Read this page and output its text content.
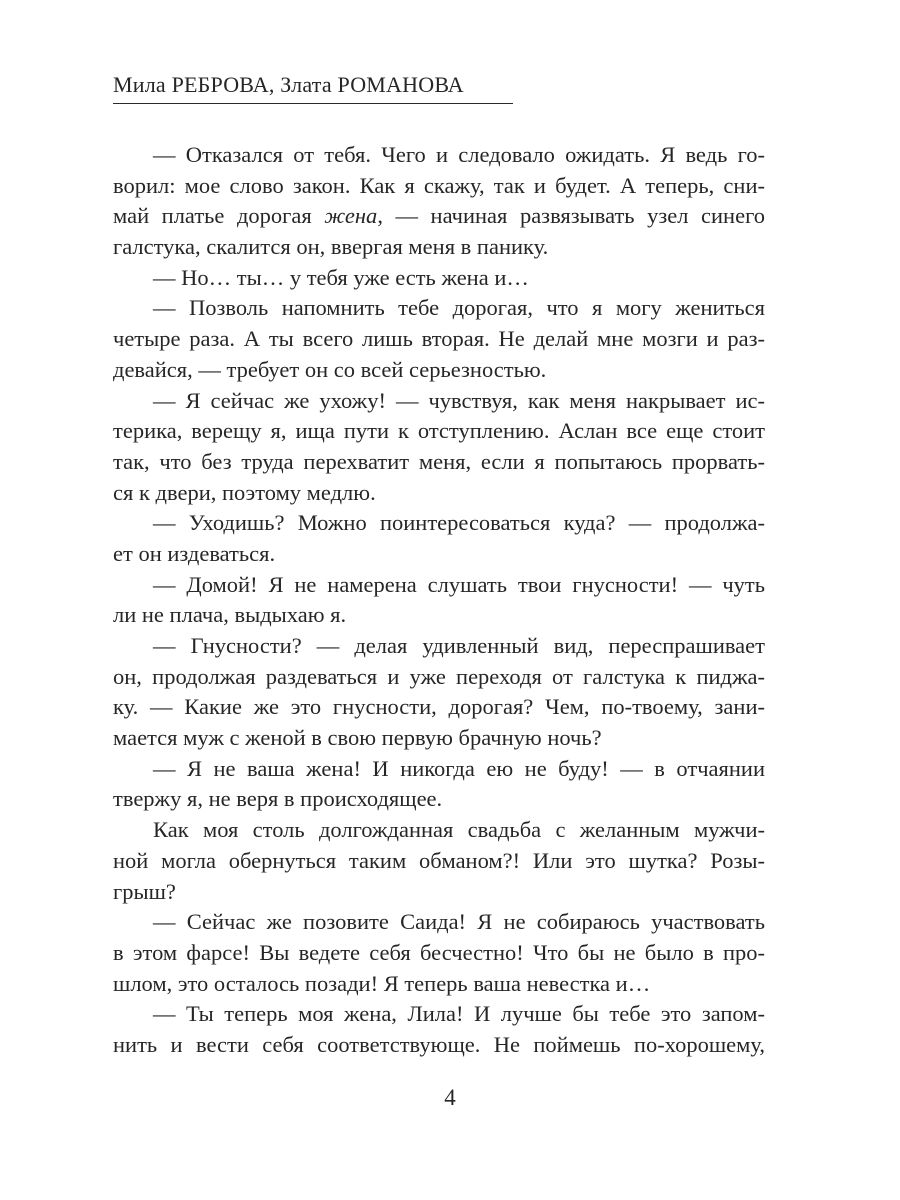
Мила РЕБРОВА, Злата РОМАНОВА
— Отказался от тебя. Чего и следовало ожидать. Я ведь го-
ворил: мое слово закон. Как я скажу, так и будет. А теперь, сни-
май платье дорогая жена, — начиная развязывать узел синего
галстука, скалится он, ввергая меня в панику.
— Но… ты… у тебя уже есть жена и…
— Позволь напомнить тебе дорогая, что я могу жениться
четыре раза. А ты всего лишь вторая. Не делай мне мозги и раз-
девайся, — требует он со всей серьезностью.
— Я сейчас же ухожу! — чувствуя, как меня накрывает ис-
терика, верещу я, ища пути к отступлению. Аслан все еще стоит
так, что без труда перехватит меня, если я попытаюсь прорвать-
ся к двери, поэтому медлю.
— Уходишь? Можно поинтересоваться куда? — продолжа-
ет он издеваться.
— Домой! Я не намерена слушать твои гнусности! — чуть
ли не плача, выдыхаю я.
— Гнусности? — делая удивленный вид, переспрашивает
он, продолжая раздеваться и уже переходя от галстука к пиджа-
ку. — Какие же это гнусности, дорогая? Чем, по-твоему, зани-
мается муж с женой в свою первую брачную ночь?
— Я не ваша жена! И никогда ею не буду! — в отчаянии
твержу я, не веря в происходящее.
Как моя столь долгожданная свадьба с желанным мужчи-
ной могла обернуться таким обманом?! Или это шутка? Розы-
грыш?
— Сейчас же позовите Саида! Я не собираюсь участвовать
в этом фарсе! Вы ведете себя бесчестно! Что бы не было в про-
шлом, это осталось позади! Я теперь ваша невестка и…
— Ты теперь моя жена, Лила! И лучше бы тебе это запом-
нить и вести себя соответствующе. Не поймешь по-хорошему,
4
